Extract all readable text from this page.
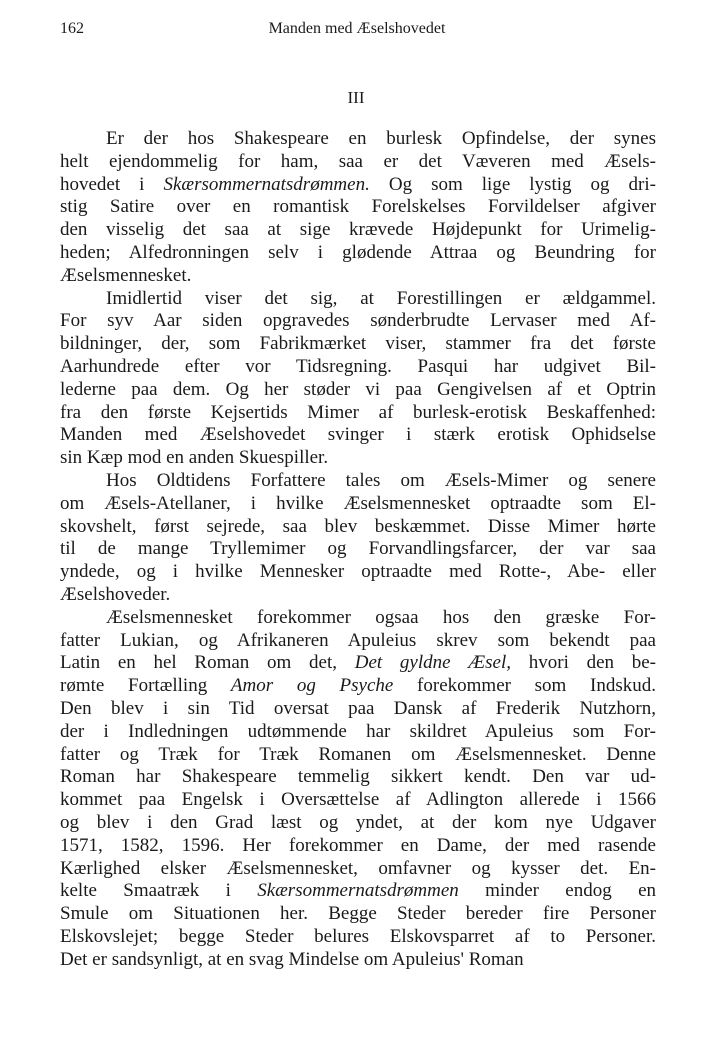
162	Manden med Æselshovedet
III
Er der hos Shakespeare en burlesk Opfindelse, der synes
helt ejendommelig for ham, saa er det Væveren med Æsels-
hovedet i Skærsommernatsdrømmen. Og som lige lystig og dri-
stig Satire over en romantisk Forelskelses Forvildelser afgiver
den visselig det saa at sige krævede Højdepunkt for Urimelig-
heden; Alfedronningen selv i glødende Attraa og Beundring for
Æselsmennesket.
Imidlertid viser det sig, at Forestillingen er ældgammel.
For syv Aar siden opgravedes sønderbrudte Lervaser med Af-
bildninger, der, som Fabrikmærket viser, stammer fra det første
Aarhundrede efter vor Tidsregning. Pasqui har udgivet Bil-
lederne paa dem. Og her støder vi paa Gengivelsen af et Optrin
fra den første Kejsertids Mimer af burlesk-erotisk Beskaffenhed:
Manden med Æselshovedet svinger i stærk erotisk Ophidselse
sin Kæp mod en anden Skuespiller.
Hos Oldtidens Forfattere tales om Æsels-Mimer og senere
om Æsels-Atellaner, i hvilke Æselsmennesket optraadte som El-
skovshelt, først sejrede, saa blev beskæmmet. Disse Mimer hørte
til de mange Tryllemimer og Forvandlingsfarcer, der var saa
yndede, og i hvilke Mennesker optraadte med Rotte-, Abe- eller
Æselshoveder.
Æselsmennesket forekommer ogsaa hos den græske For-
fatter Lukian, og Afrikaneren Apuleius skrev som bekendt paa
Latin en hel Roman om det, Det gyldne Æsel, hvori den be-
rømte Fortælling Amor og Psyche forekommer som Indskud.
Den blev i sin Tid oversat paa Dansk af Frederik Nutzhorn,
der i Indledningen udtømmende har skildret Apuleius som For-
fatter og Træk for Træk Romanen om Æselsmennesket. Denne
Roman har Shakespeare temmelig sikkert kendt. Den var ud-
kommet paa Engelsk i Oversættelse af Adlington allerede i 1566
og blev i den Grad læst og yndet, at der kom nye Udgaver
1571, 1582, 1596. Her forekommer en Dame, der med rasende
Kærlighed elsker Æselsmennesket, omfavner og kysser det. En-
kelte Smaatræk i Skærsommernatsdrømmen minder endog en
Smule om Situationen her. Begge Steder bereder fire Personer
Elskovslejet; begge Steder belures Elskovsparret af to Personer.
Det er sandsynligt, at en svag Mindelse om Apuleius' Roman
